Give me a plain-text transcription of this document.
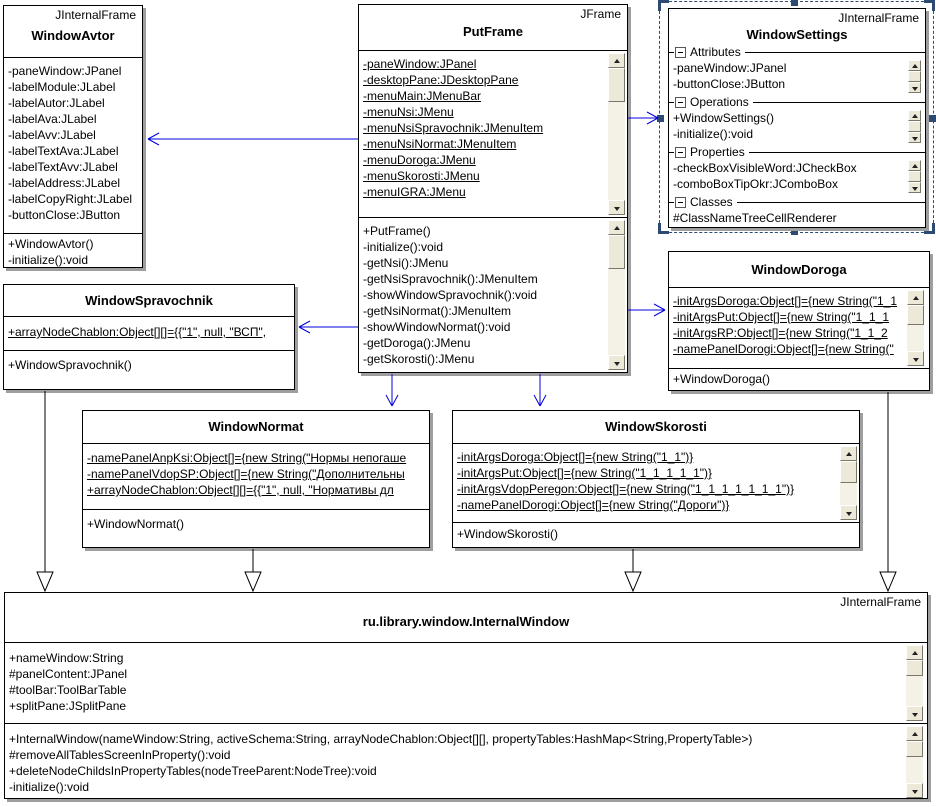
JInternalFrame
WindowAvtor
-paneWindow:JPanel
-labelModule:JLabel
-labelAutor:JLabel
-labelAva:JLabel
-labelAvv:JLabel
-labelTextAva:JLabel
-labelTextAvv:JLabel
-labelAddress:JLabel
-labelCopyRight:JLabel
-buttonClose:JButton
+WindowAvtor()
-initialize():void
JFrame
PutFrame
-paneWindow:JPanel
-desktopPane:JDesktopPane
-menuMain:JMenuBar
-menuNsi:JMenu
-menuNsiSpravochnik:JMenuItem
-menuNsiNormat:JMenuItem
-menuDoroga:JMenu
-menuSkorosti:JMenu
-menuIGRA:JMenu
+PutFrame()
-initialize():void
-getNsi():JMenu
-getNsiSpravochnik():JMenuItem
-showWindowSpravochnik():void
-getNsiNormat():JMenuItem
-showWindowNormat():void
-getDoroga():JMenu
-getSkorosti():JMenu
JInternalFrame
WindowSettings
Attributes
-paneWindow:JPanel
-buttonClose:JButton
Operations
+WindowSettings()
-initialize():void
Properties
-checkBoxVisibleWord:JCheckBox
-comboBoxTipOkr:JComboBox
Classes
#ClassNameTreeCellRenderer
WindowDoroga
-initArgsDoroga:Object[]={new String("1_1
-initArgsPut:Object[]={new String("1_1_1
-initArgsRP:Object[]={new String("1_1_2
-namePanelDorogi:Object[]={new String("
+WindowDoroga()
WindowSpravochnik
+arrayNodeChablon:Object[][]={{"1", null, "ВСП",
+WindowSpravochnik()
WindowNormat
-namePanelAnpKsi:Object[]={new String("Нормы непогаше
-namePanelVdopSP:Object[]={new String("Дополнительны
+arrayNodeChablon:Object[][]={{"1", null, "Нормативы дл
+WindowNormat()
WindowSkorosti
-initArgsDoroga:Object[]={new String("1_1")}
-initArgsPut:Object[]={new String("1_1_1_1_1")}
-initArgsVdopPeregon:Object[]={new String("1_1_1_1_1_1_1")}
-namePanelDorogi:Object[]={new String("Дороги")}
+WindowSkorosti()
JInternalFrame
ru.library.window.InternalWindow
+nameWindow:String
#panelContent:JPanel
#toolBar:ToolBarTable
+splitPane:JSplitPane
+InternalWindow(nameWindow:String, activeSchema:String, arrayNodeChablon:Object[][], propertyTables:HashMap<String,PropertyTable>)
#removeAllTablesScreenInProperty():void
+deleteNodeChildsInPropertyTables(nodeTreeParent:NodeTree):void
-initialize():void
